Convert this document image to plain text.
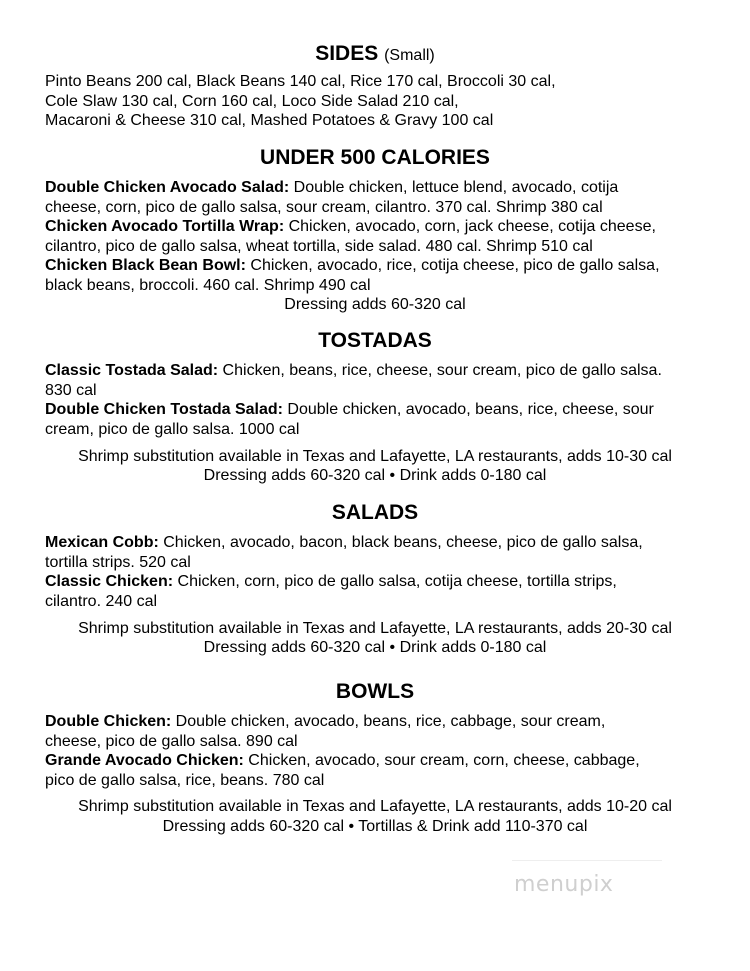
SIDES (Small)
Pinto Beans 200 cal, Black Beans 140 cal, Rice 170 cal, Broccoli 30 cal,
Cole Slaw 130 cal, Corn 160 cal, Loco Side Salad 210 cal,
Macaroni & Cheese 310 cal, Mashed Potatoes & Gravy 100 cal
UNDER 500 CALORIES
Double Chicken Avocado Salad: Double chicken, lettuce blend, avocado, cotija
cheese, corn, pico de gallo salsa, sour cream, cilantro. 370 cal. Shrimp 380 cal
Chicken Avocado Tortilla Wrap: Chicken, avocado, corn, jack cheese, cotija cheese,
cilantro, pico de gallo salsa, wheat tortilla, side salad. 480 cal. Shrimp 510 cal
Chicken Black Bean Bowl: Chicken, avocado, rice, cotija cheese, pico de gallo salsa,
black beans, broccoli. 460 cal. Shrimp 490 cal
Dressing adds 60-320 cal
TOSTADAS
Classic Tostada Salad: Chicken, beans, rice, cheese, sour cream, pico de gallo salsa.
830 cal
Double Chicken Tostada Salad: Double chicken, avocado, beans, rice, cheese, sour
cream, pico de gallo salsa. 1000 cal
Shrimp substitution available in Texas and Lafayette, LA restaurants, adds 10-30 cal
Dressing adds 60-320 cal • Drink adds 0-180 cal
SALADS
Mexican Cobb: Chicken, avocado, bacon, black beans, cheese, pico de gallo salsa,
tortilla strips. 520 cal
Classic Chicken: Chicken, corn, pico de gallo salsa, cotija cheese, tortilla strips,
cilantro. 240 cal
Shrimp substitution available in Texas and Lafayette, LA restaurants, adds 20-30 cal
Dressing adds 60-320 cal • Drink adds 0-180 cal
BOWLS
Double Chicken: Double chicken, avocado, beans, rice, cabbage, sour cream,
cheese, pico de gallo salsa. 890 cal
Grande Avocado Chicken: Chicken, avocado, sour cream, corn, cheese, cabbage,
pico de gallo salsa, rice, beans. 780 cal
Shrimp substitution available in Texas and Lafayette, LA restaurants, adds 10-20 cal
Dressing adds 60-320 cal • Tortillas & Drink add 110-370 cal
menupix
